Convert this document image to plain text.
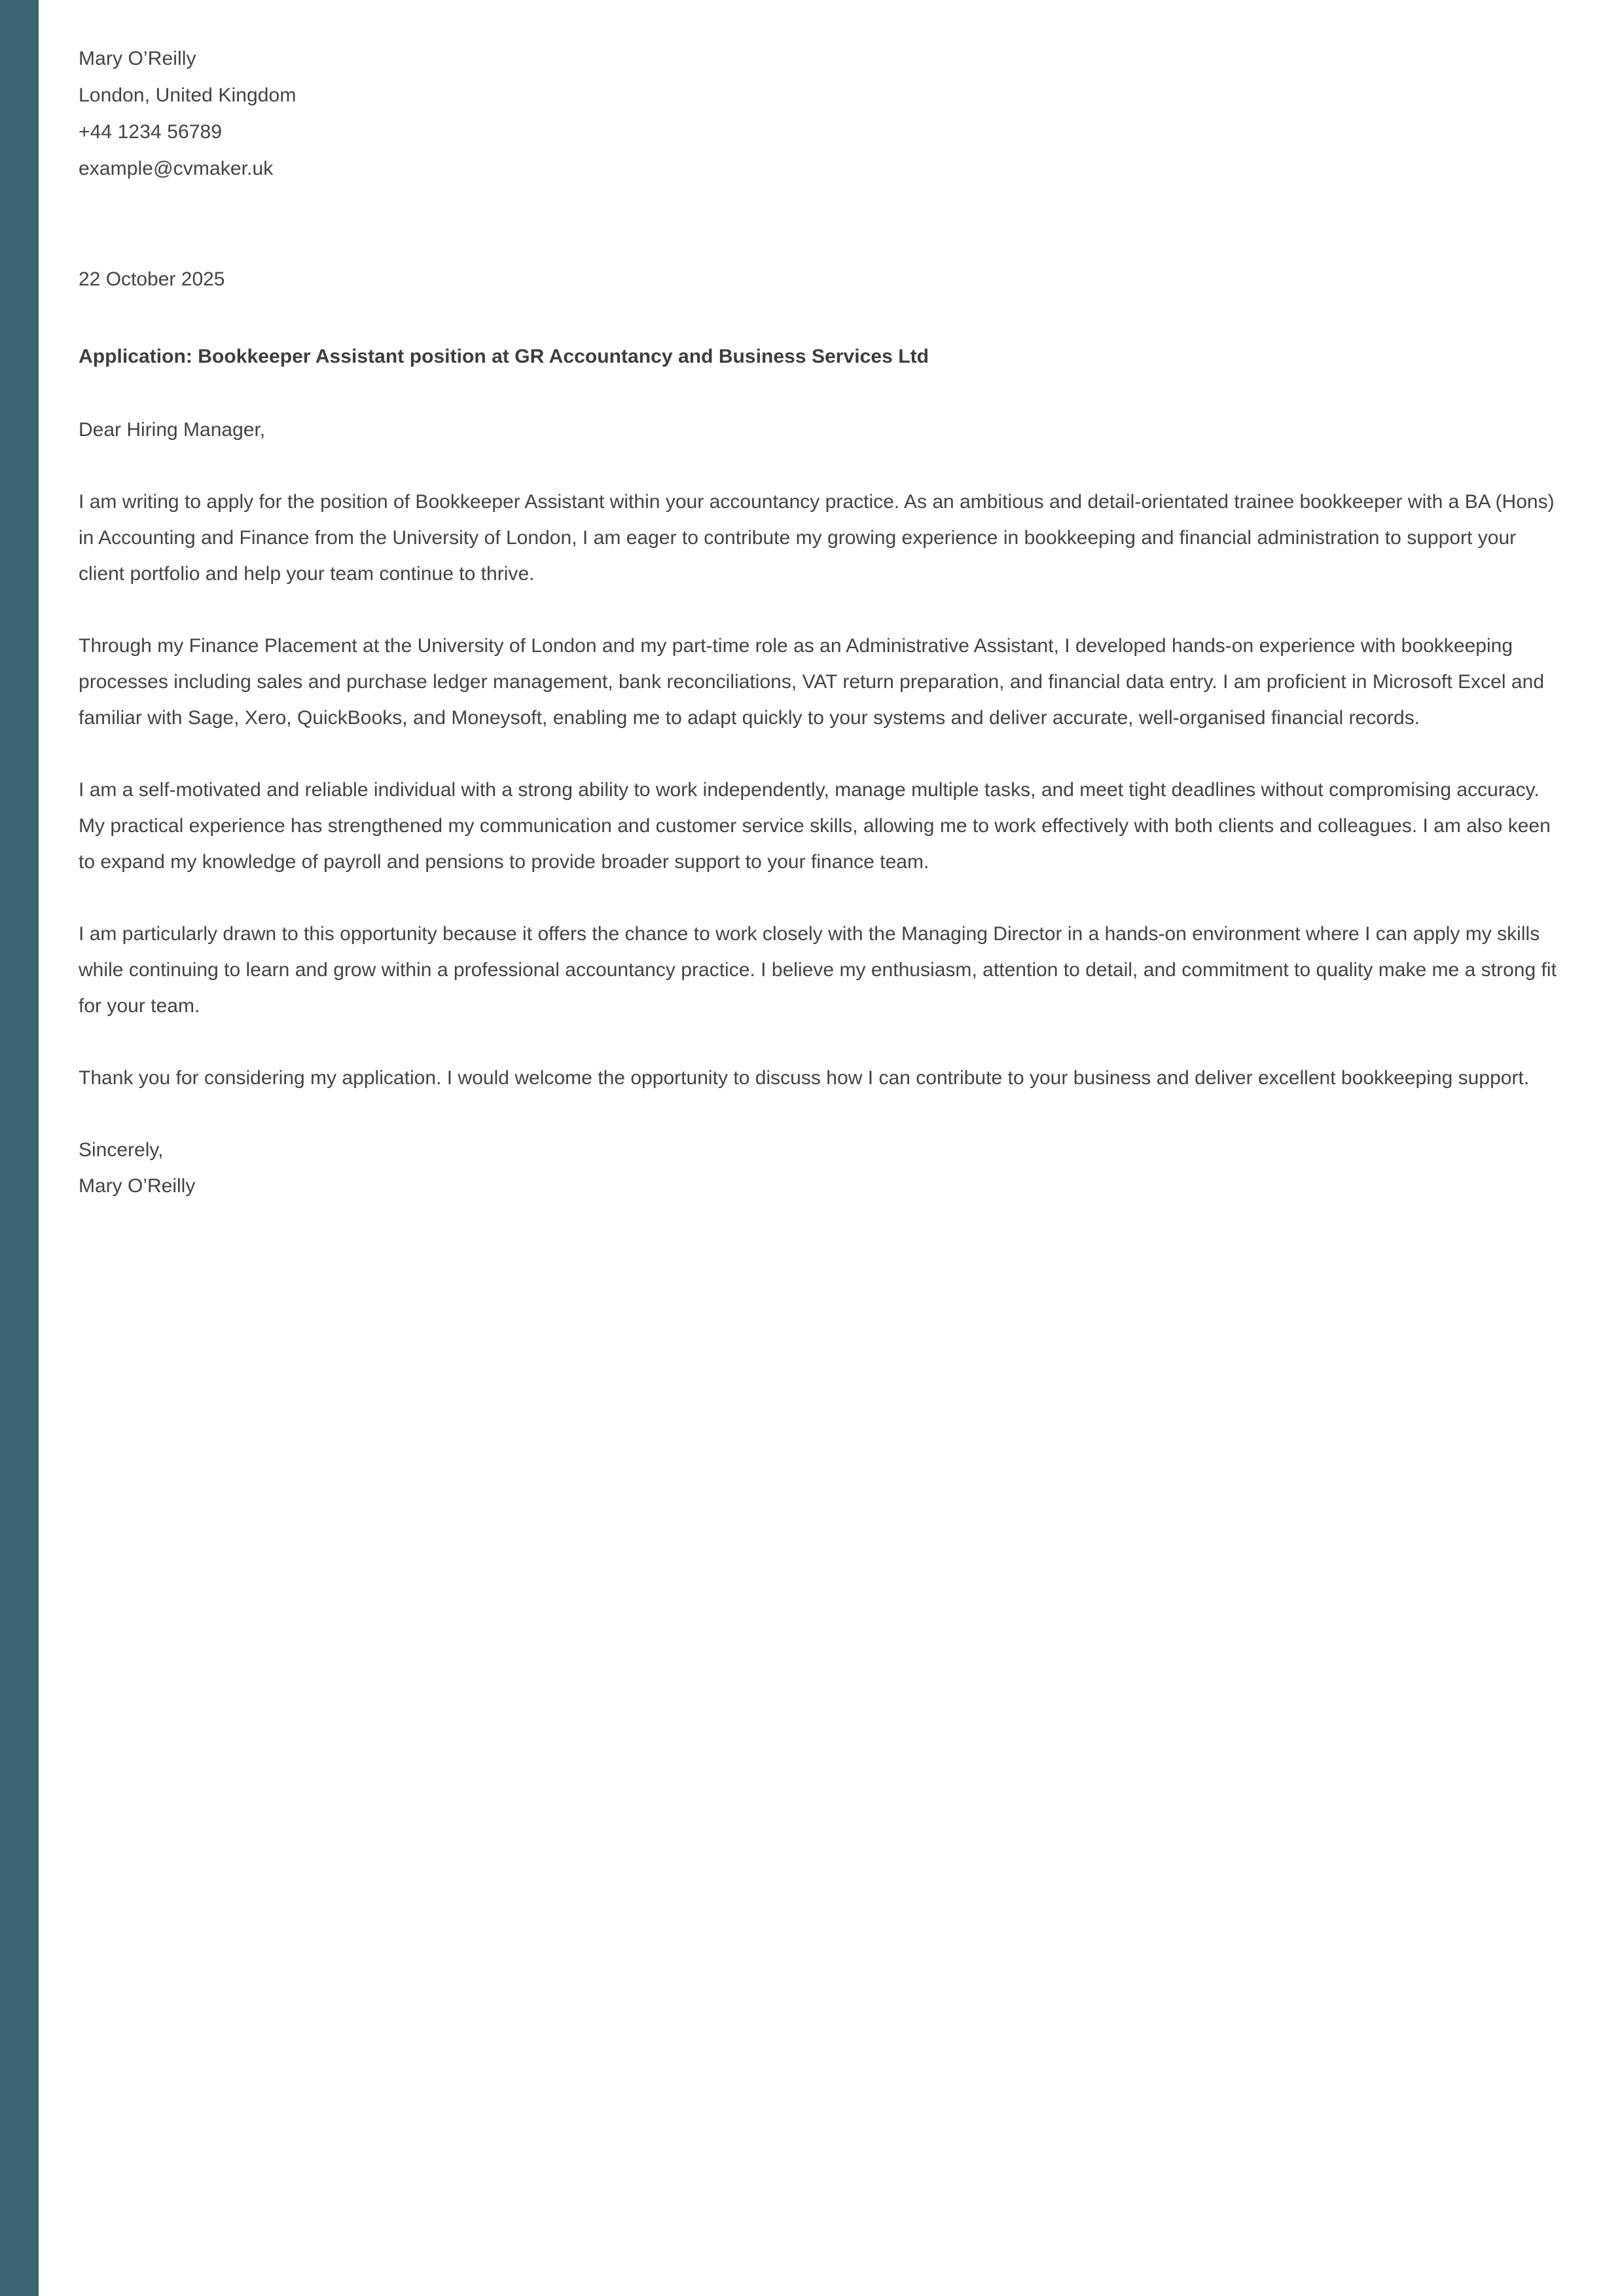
Mary O’Reilly
London, United Kingdom
+44 1234 56789
example@cvmaker.uk
22 October 2025
Application: Bookkeeper Assistant position at GR Accountancy and Business Services Ltd
Dear Hiring Manager,
I am writing to apply for the position of Bookkeeper Assistant within your accountancy practice. As an ambitious and detail-orientated trainee bookkeeper with a BA (Hons) in Accounting and Finance from the University of London, I am eager to contribute my growing experience in bookkeeping and financial administration to support your client portfolio and help your team continue to thrive.
Through my Finance Placement at the University of London and my part-time role as an Administrative Assistant, I developed hands-on experience with bookkeeping processes including sales and purchase ledger management, bank reconciliations, VAT return preparation, and financial data entry. I am proficient in Microsoft Excel and familiar with Sage, Xero, QuickBooks, and Moneysoft, enabling me to adapt quickly to your systems and deliver accurate, well-organised financial records.
I am a self-motivated and reliable individual with a strong ability to work independently, manage multiple tasks, and meet tight deadlines without compromising accuracy. My practical experience has strengthened my communication and customer service skills, allowing me to work effectively with both clients and colleagues. I am also keen to expand my knowledge of payroll and pensions to provide broader support to your finance team.
I am particularly drawn to this opportunity because it offers the chance to work closely with the Managing Director in a hands-on environment where I can apply my skills while continuing to learn and grow within a professional accountancy practice. I believe my enthusiasm, attention to detail, and commitment to quality make me a strong fit for your team.
Thank you for considering my application. I would welcome the opportunity to discuss how I can contribute to your business and deliver excellent bookkeeping support.
Sincerely,
Mary O’Reilly
